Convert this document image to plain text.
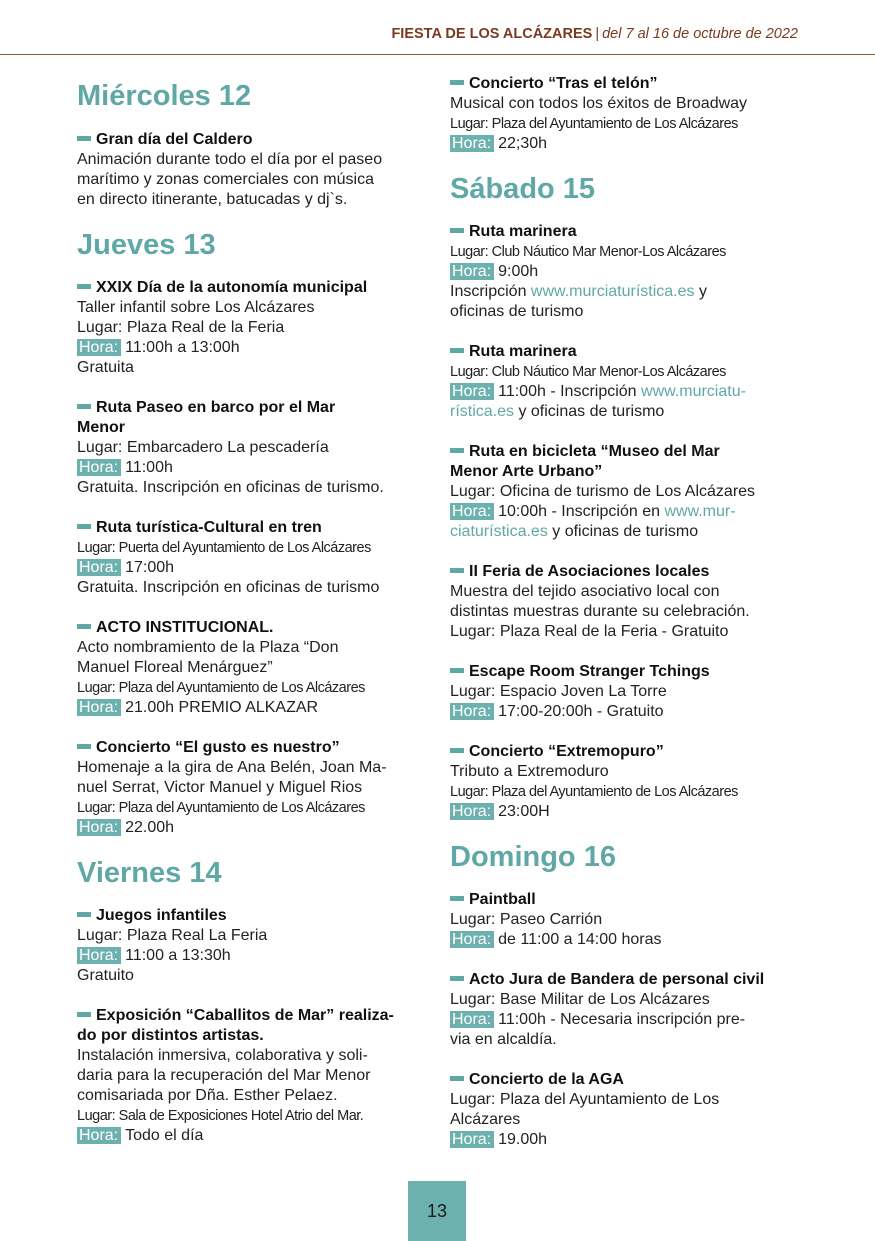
FIESTA DE LOS ALCÁZARES | del 7 al 16 de octubre de 2022
Miércoles 12
Gran día del Caldero
Animación durante todo el día por el paseo
marítimo y zonas comerciales con música
en directo itinerante, batucadas y dj`s.
Jueves 13
XXIX Día de la autonomía municipal
Taller infantil sobre Los Alcázares
Lugar: Plaza Real de la Feria
Hora: 11:00h a 13:00h
Gratuita
Ruta Paseo en barco por el Mar
Menor
Lugar: Embarcadero La pescadería
Hora: 11:00h
Gratuita. Inscripción en oficinas de turismo.
Ruta turística-Cultural en tren
Lugar: Puerta del Ayuntamiento de Los Alcázares
Hora: 17:00h
Gratuita. Inscripción en oficinas de turismo
ACTO INSTITUCIONAL.
Acto nombramiento de la Plaza “Don
Manuel Floreal Menárguez”
Lugar: Plaza del Ayuntamiento de Los Alcázares
Hora: 21.00h PREMIO ALKAZAR
Concierto “El gusto es nuestro”
Homenaje a la gira de Ana Belén, Joan Ma-
nuel Serrat, Victor Manuel y Miguel Rios
Lugar: Plaza del Ayuntamiento de Los Alcázares
Hora: 22.00h
Viernes 14
Juegos infantiles
Lugar: Plaza Real La Feria
Hora: 11:00 a 13:30h
Gratuito
Exposición “Caballitos de Mar” realiza-
do por distintos artistas.
Instalación inmersiva, colaborativa y soli-
daria para la recuperación del Mar Menor
comisariada por Dña. Esther Pelaez.
Lugar: Sala de Exposiciones Hotel Atrio del Mar.
Hora: Todo el día
Concierto “Tras el telón”
Musical con todos los éxitos de Broadway
Lugar: Plaza del Ayuntamiento de Los Alcázares
Hora: 22;30h
Sábado 15
Ruta marinera
Lugar: Club Náutico Mar Menor-Los Alcázares
Hora: 9:00h
Inscripción www.murciaturística.es y
oficinas de turismo
Ruta marinera
Lugar: Club Náutico Mar Menor-Los Alcázares
Hora: 11:00h - Inscripción www.murciatu-
rística.es y oficinas de turismo
Ruta en bicicleta “Museo del Mar
Menor Arte Urbano”
Lugar: Oficina de turismo de Los Alcázares
Hora: 10:00h - Inscripción en www.mur-
ciaturística.es y oficinas de turismo
II Feria de Asociaciones locales
Muestra del tejido asociativo local con
distintas muestras durante su celebración.
Lugar: Plaza Real de la Feria - Gratuito
Escape Room Stranger Tchings
Lugar: Espacio Joven La Torre
Hora: 17:00-20:00h - Gratuito
Concierto “Extremopuro”
Tributo a Extremoduro
Lugar: Plaza del Ayuntamiento de Los Alcázares
Hora: 23:00H
Domingo 16
Paintball
Lugar: Paseo Carrión
Hora: de 11:00 a 14:00 horas
Acto Jura de Bandera de personal civil
Lugar: Base Militar de Los Alcázares
Hora: 11:00h - Necesaria inscripción pre-
via en alcaldía.
Concierto de la AGA
Lugar: Plaza del Ayuntamiento de Los
Alcázares
Hora: 19.00h
13
